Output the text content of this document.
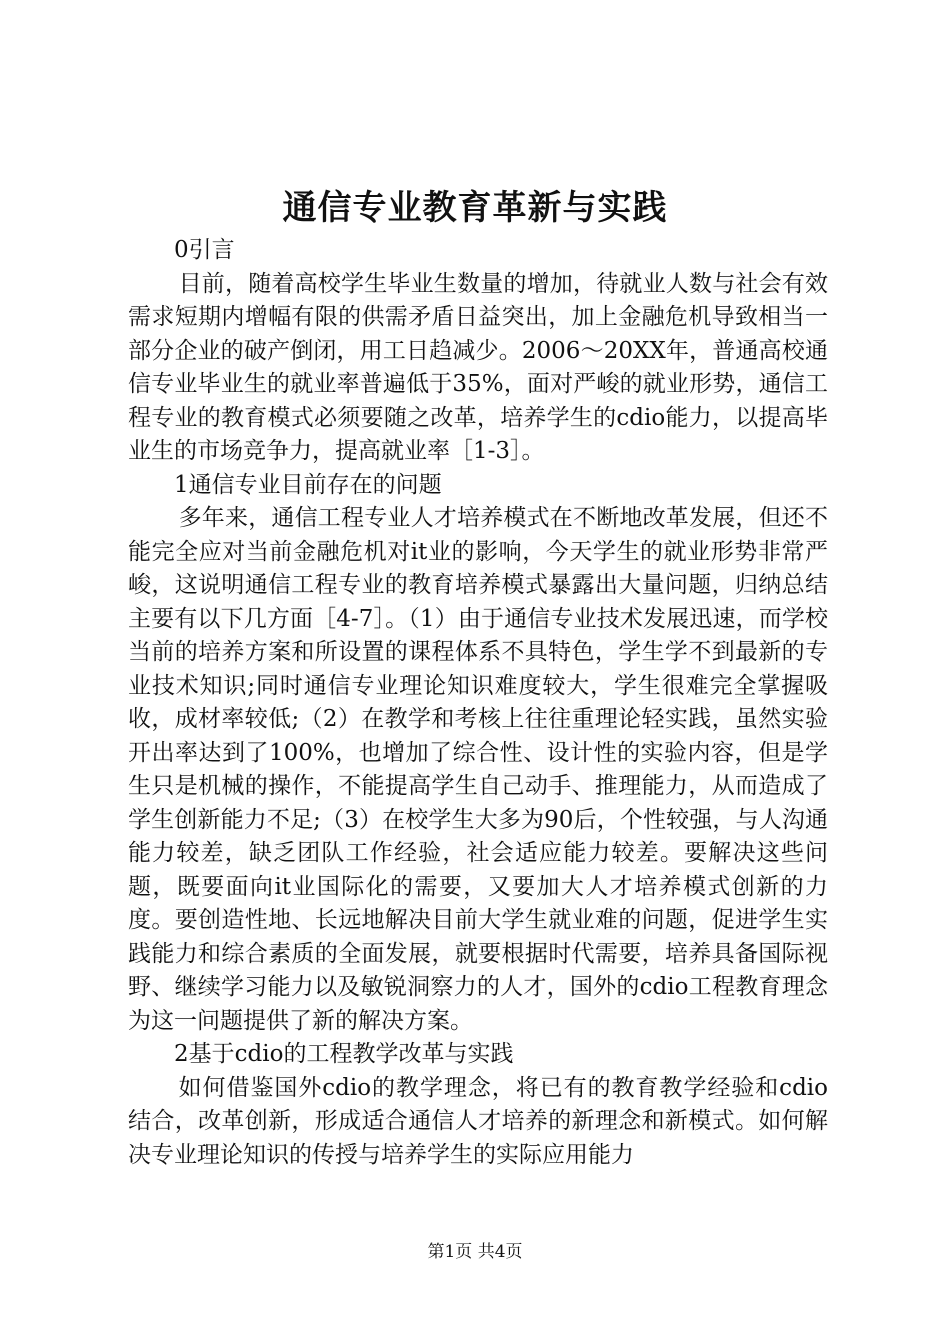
通信专业教育革新与实践

0引言

目前，随着高校学生毕业生数量的增加，待就业人数与社会有效需求短期内增幅有限的供需矛盾日益突出，加上金融危机导致相当一部分企业的破产倒闭，用工日趋减少。2006～20XX年，普通高校通信专业毕业生的就业率普遍低于35%，面对严峻的就业形势，通信工程专业的教育模式必须要随之改革，培养学生的cdio能力，以提高毕业生的市场竞争力，提高就业率［1-3］。

1通信专业目前存在的问题

多年来，通信工程专业人才培养模式在不断地改革发展，但还不能完全应对当前金融危机对it业的影响，今天学生的就业形势非常严峻，这说明通信工程专业的教育培养模式暴露出大量问题，归纳总结主要有以下几方面［4-7］。（1）由于通信专业技术发展迅速，而学校当前的培养方案和所设置的课程体系不具特色，学生学不到最新的专业技术知识;同时通信专业理论知识难度较大，学生很难完全掌握吸收，成材率较低;（2）在教学和考核上往往重理论轻实践，虽然实验开出率达到了100%，也增加了综合性、设计性的实验内容，但是学生只是机械的操作，不能提高学生自己动手、推理能力，从而造成了学生创新能力不足;（3）在校学生大多为90后，个性较强，与人沟通能力较差，缺乏团队工作经验，社会适应能力较差。要解决这些问题，既要面向it业国际化的需要，又要加大人才培养模式创新的力度。要创造性地、长远地解决目前大学生就业难的问题，促进学生实践能力和综合素质的全面发展，就要根据时代需要，培养具备国际视野、继续学习能力以及敏锐洞察力的人才，国外的cdio工程教育理念为这一问题提供了新的解决方案。

2基于cdio的工程教学改革与实践

如何借鉴国外cdio的教学理念，将已有的教育教学经验和cdio结合，改革创新，形成适合通信人才培养的新理念和新模式。如何解决专业理论知识的传授与培养学生的实际应用能力

第1页 共4页
